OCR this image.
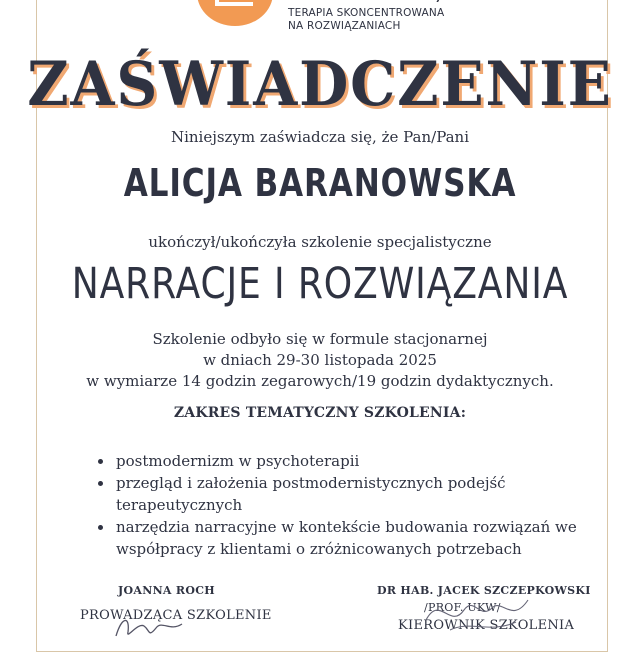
TERAPIA SKONCENTROWANA
NA ROZWIĄZANIACH
ZAŚWIADCZENIE
Niniejszym zaświadcza się, że Pan/Pani
ALICJA BARANOWSKA
ukończył/ukończyła szkolenie specjalistyczne
NARRACJE I ROZWIĄZANIA
Szkolenie odbyło się w formule stacjonarnej
w dniach 29-30 listopada 2025
w wymiarze 14 godzin zegarowych/19 godzin dydaktycznych.
ZAKRES TEMATYCZNY SZKOLENIA:
postmodernizm w psychoterapii
przegląd i założenia postmodernistycznych podejść terapeutycznych
narzędzia narracyjne w kontekście budowania rozwiązań we współpracy z klientami o zróżnicowanych potrzebach
JOANNA ROCH
PROWADZĄCA SZKOLENIE
DR HAB. JACEK SZCZEPKOWSKI
/PROF. UKW/
KIEROWNIK SZKOLENIA
